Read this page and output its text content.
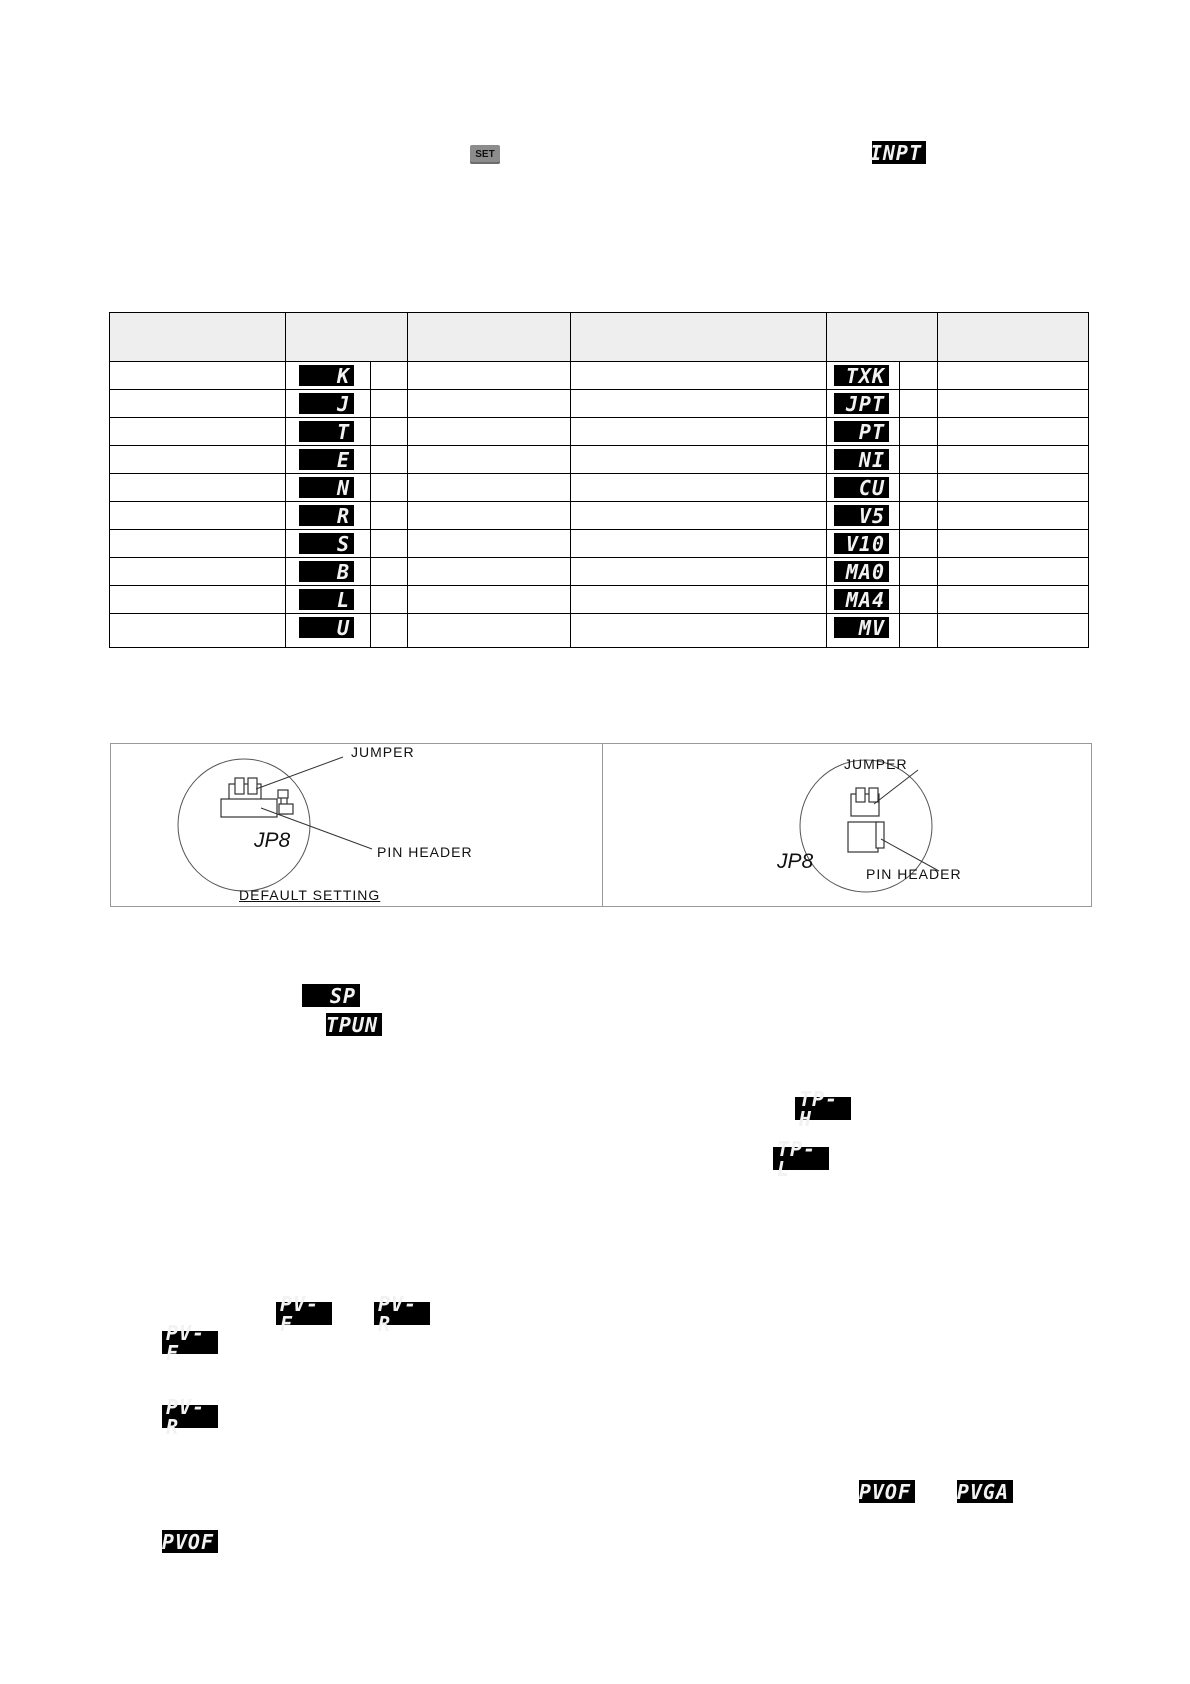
SET	INPT
K
J
T
E
N
R
S
B
L
U
TXK
JPT
PT
NI
CU
V5
V10
MA0
MA4
MV
JUMPER
JP8	PIN HEADER
DEFAULT SETTING
JUMPER
JP8
PIN HEADER
SP
TPUN
TP-H
TP-L
PV-F
PV-R
PV-F
PV-R
PVOF PVGA
PVOF
